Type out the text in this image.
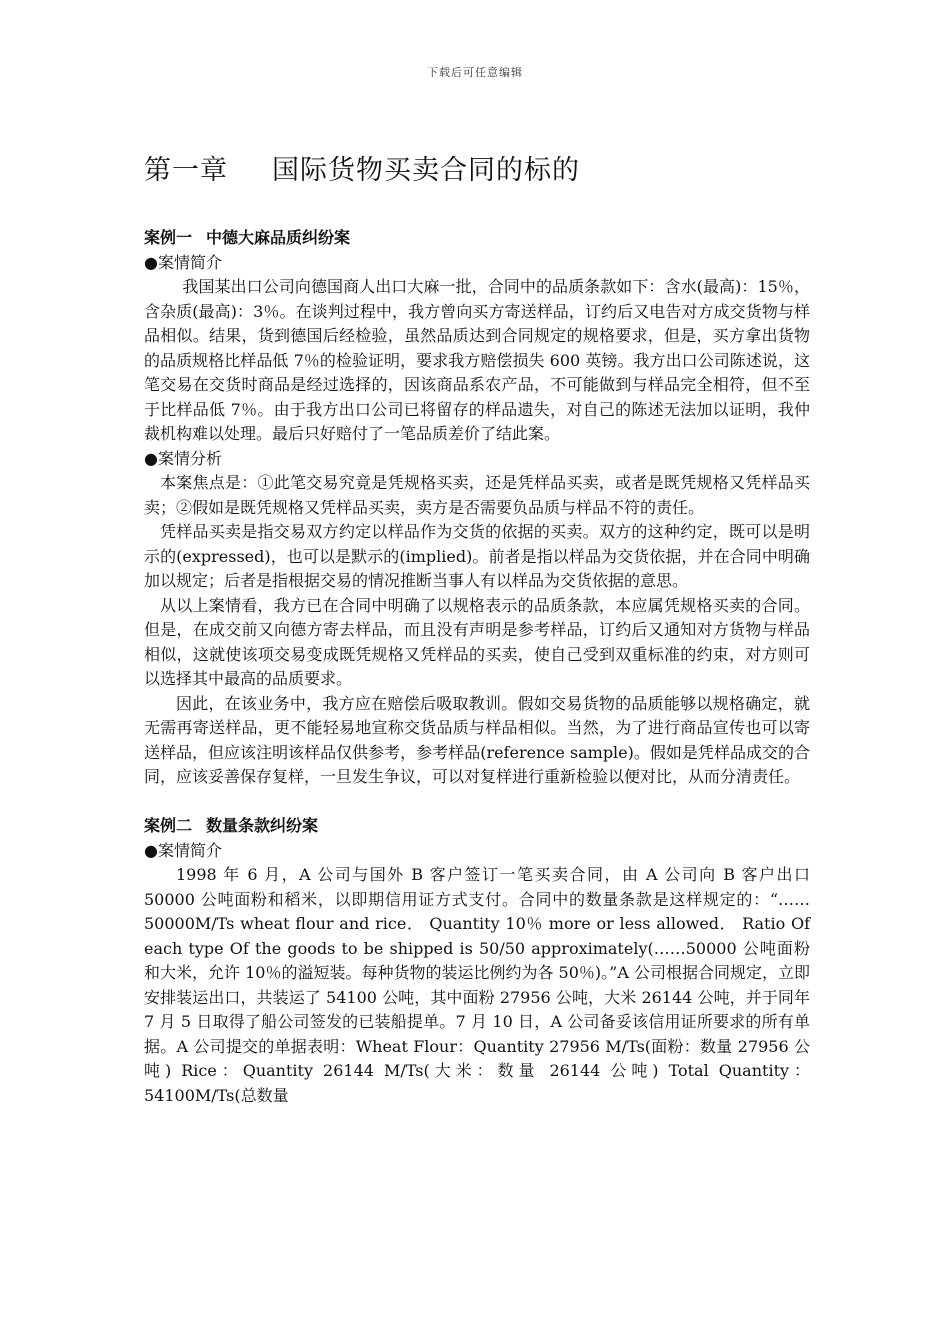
下载后可任意编辑
第一章 国际货物买卖合同的标的
案例一 中德大麻品质纠纷案
●案情简介

我国某出口公司向德国商人出口大麻一批，合同中的品质条款如下：含水(最高)：15％，含杂质(最高)：3％。在谈判过程中，我方曾向买方寄送样品，订约后又电告对方成交货物与样品相似。结果，货到德国后经检验，虽然品质达到合同规定的规格要求，但是，买方拿出货物的品质规格比样品低 7％的检验证明，要求我方赔偿损失 600 英镑。我方出口公司陈述说，这笔交易在交货时商品是经过选择的，因该商品系农产品，不可能做到与样品完全相符，但不至于比样品低 7％。由于我方出口公司已将留存的样品遗失，对自己的陈述无法加以证明，我仲裁机构难以处理。最后只好赔付了一笔品质差价了结此案。

●案情分析

本案焦点是：①此笔交易究竟是凭规格买卖，还是凭样品买卖，或者是既凭规格又凭样品买卖；②假如是既凭规格又凭样品买卖，卖方是否需要负品质与样品不符的责任。

凭样品买卖是指交易双方约定以样品作为交货的依据的买卖。双方的这种约定，既可以是明示的(expressed)，也可以是默示的(implied)。前者是指以样品为交货依据，并在合同中明确加以规定；后者是指根据交易的情况推断当事人有以样品为交货依据的意思。

从以上案情看，我方已在合同中明确了以规格表示的品质条款，本应属凭规格买卖的合同。但是，在成交前又向德方寄去样品，而且没有声明是参考样品，订约后又通知对方货物与样品相似，这就使该项交易变成既凭规格又凭样品的买卖，使自己受到双重标准的约束，对方则可以选择其中最高的品质要求。

因此，在该业务中，我方应在赔偿后吸取教训。假如交易货物的品质能够以规格确定，就无需再寄送样品，更不能轻易地宣称交货品质与样品相似。当然，为了进行商品宣传也可以寄送样品，但应该注明该样品仅供参考，参考样品(reference sample)。假如是凭样品成交的合同，应该妥善保存复样，一旦发生争议，可以对复样进行重新检验以便对比，从而分清责任。

案例二 数量条款纠纷案
●案情简介

1998 年 6 月，A 公司与国外 B 客户签订一笔买卖合同，由 A 公司向 B 客户出口 50000 公吨面粉和稻米，以即期信用证方式支付。合同中的数量条款是这样规定的：“……50000M/Ts wheat flour and rice． Quantity 10％ more or less allowed． Ratio Of each type Of the goods to be shipped is 50/50 approximately(……50000 公吨面粉和大米，允许 10％的溢短装。每种货物的装运比例约为各 50％)。”A 公司根据合同规定，立即安排装运出口，共装运了 54100 公吨，其中面粉 27956 公吨，大米 26144 公吨，并于同年 7 月 5 日取得了船公司签发的已装船提单。7 月 10 日，A 公司备妥该信用证所要求的所有单据。A 公司提交的单据表明：Wheat Flour：Quantity 27956 M/Ts(面粉：数量 27956 公吨) Rice：Quantity 26144 M/Ts(大米：数量 26144 公吨) Total Quantity：54100M/Ts(总数量
